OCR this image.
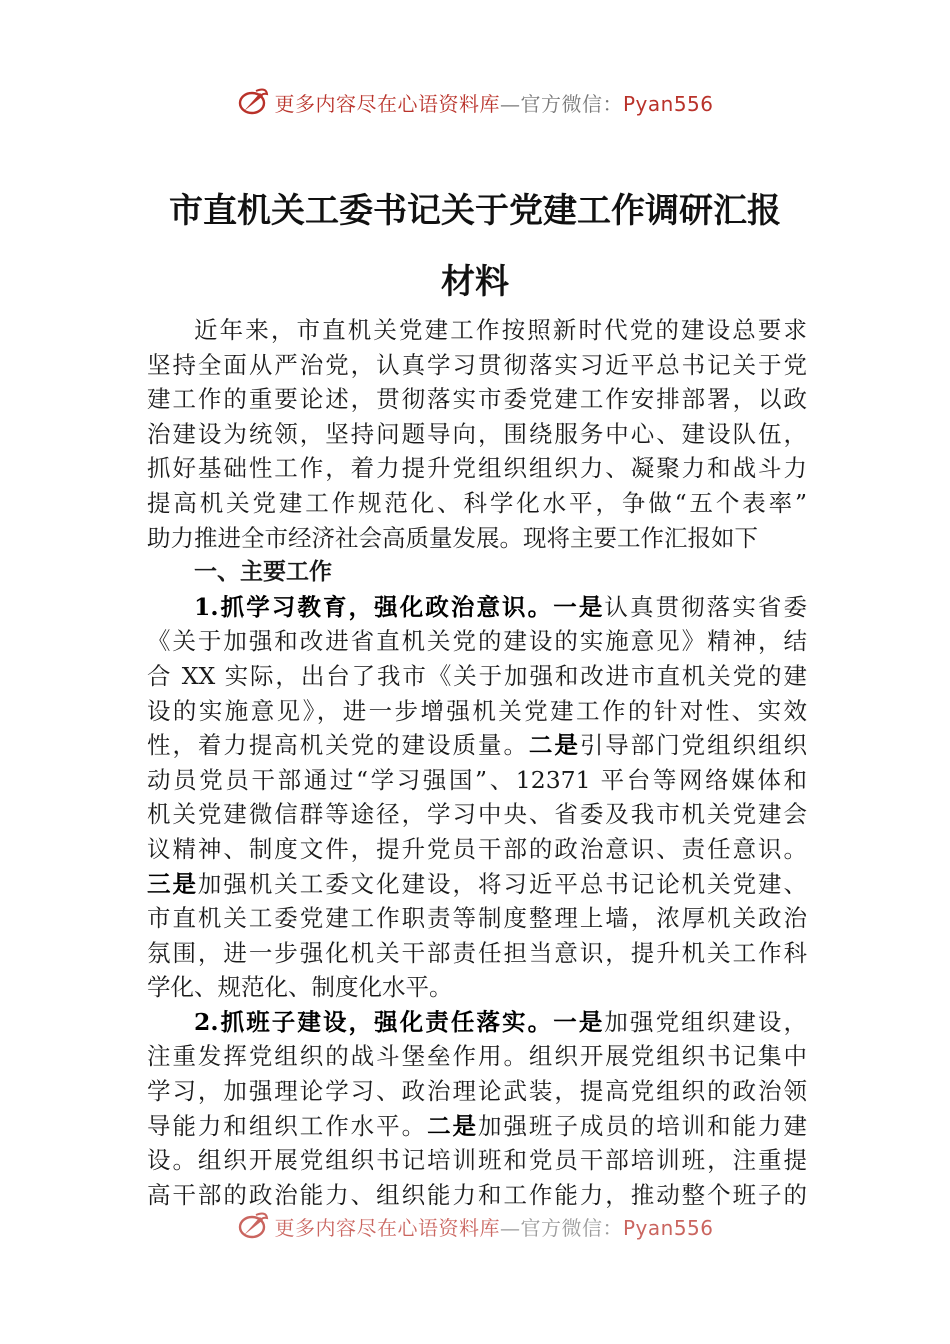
更多内容尽在心语资料库—官方微信：Pyan556
市直机关工委书记关于党建工作调研汇报
材料
近年来，市直机关党建工作按照新时代党的建设总要求
坚持全面从严治党，认真学习贯彻落实习近平总书记关于党
建工作的重要论述，贯彻落实市委党建工作安排部署，以政
治建设为统领，坚持问题导向，围绕服务中心、建设队伍，
抓好基础性工作，着力提升党组织组织力、凝聚力和战斗力
提高机关党建工作规范化、科学化水平，争做“五个表率”
助力推进全市经济社会高质量发展。现将主要工作汇报如下
一、主要工作
1.抓学习教育，强化政治意识。一是认真贯彻落实省委
《关于加强和改进省直机关党的建设的实施意见》精神，结
合 XX 实际，出台了我市《关于加强和改进市直机关党的建
设的实施意见》，进一步增强机关党建工作的针对性、实效
性，着力提高机关党的建设质量。二是引导部门党组织组织
动员党员干部通过“学习强国”、12371 平台等网络媒体和
机关党建微信群等途径，学习中央、省委及我市机关党建会
议精神、制度文件，提升党员干部的政治意识、责任意识。
三是加强机关工委文化建设，将习近平总书记论机关党建、
市直机关工委党建工作职责等制度整理上墙，浓厚机关政治
氛围，进一步强化机关干部责任担当意识，提升机关工作科
学化、规范化、制度化水平。
2.抓班子建设，强化责任落实。一是加强党组织建设，
注重发挥党组织的战斗堡垒作用。组织开展党组织书记集中
学习，加强理论学习、政治理论武装，提高党组织的政治领
导能力和组织工作水平。二是加强班子成员的培训和能力建
设。组织开展党组织书记培训班和党员干部培训班，注重提
高干部的政治能力、组织能力和工作能力，推动整个班子的
更多内容尽在心语资料库—官方微信：Pyan556
